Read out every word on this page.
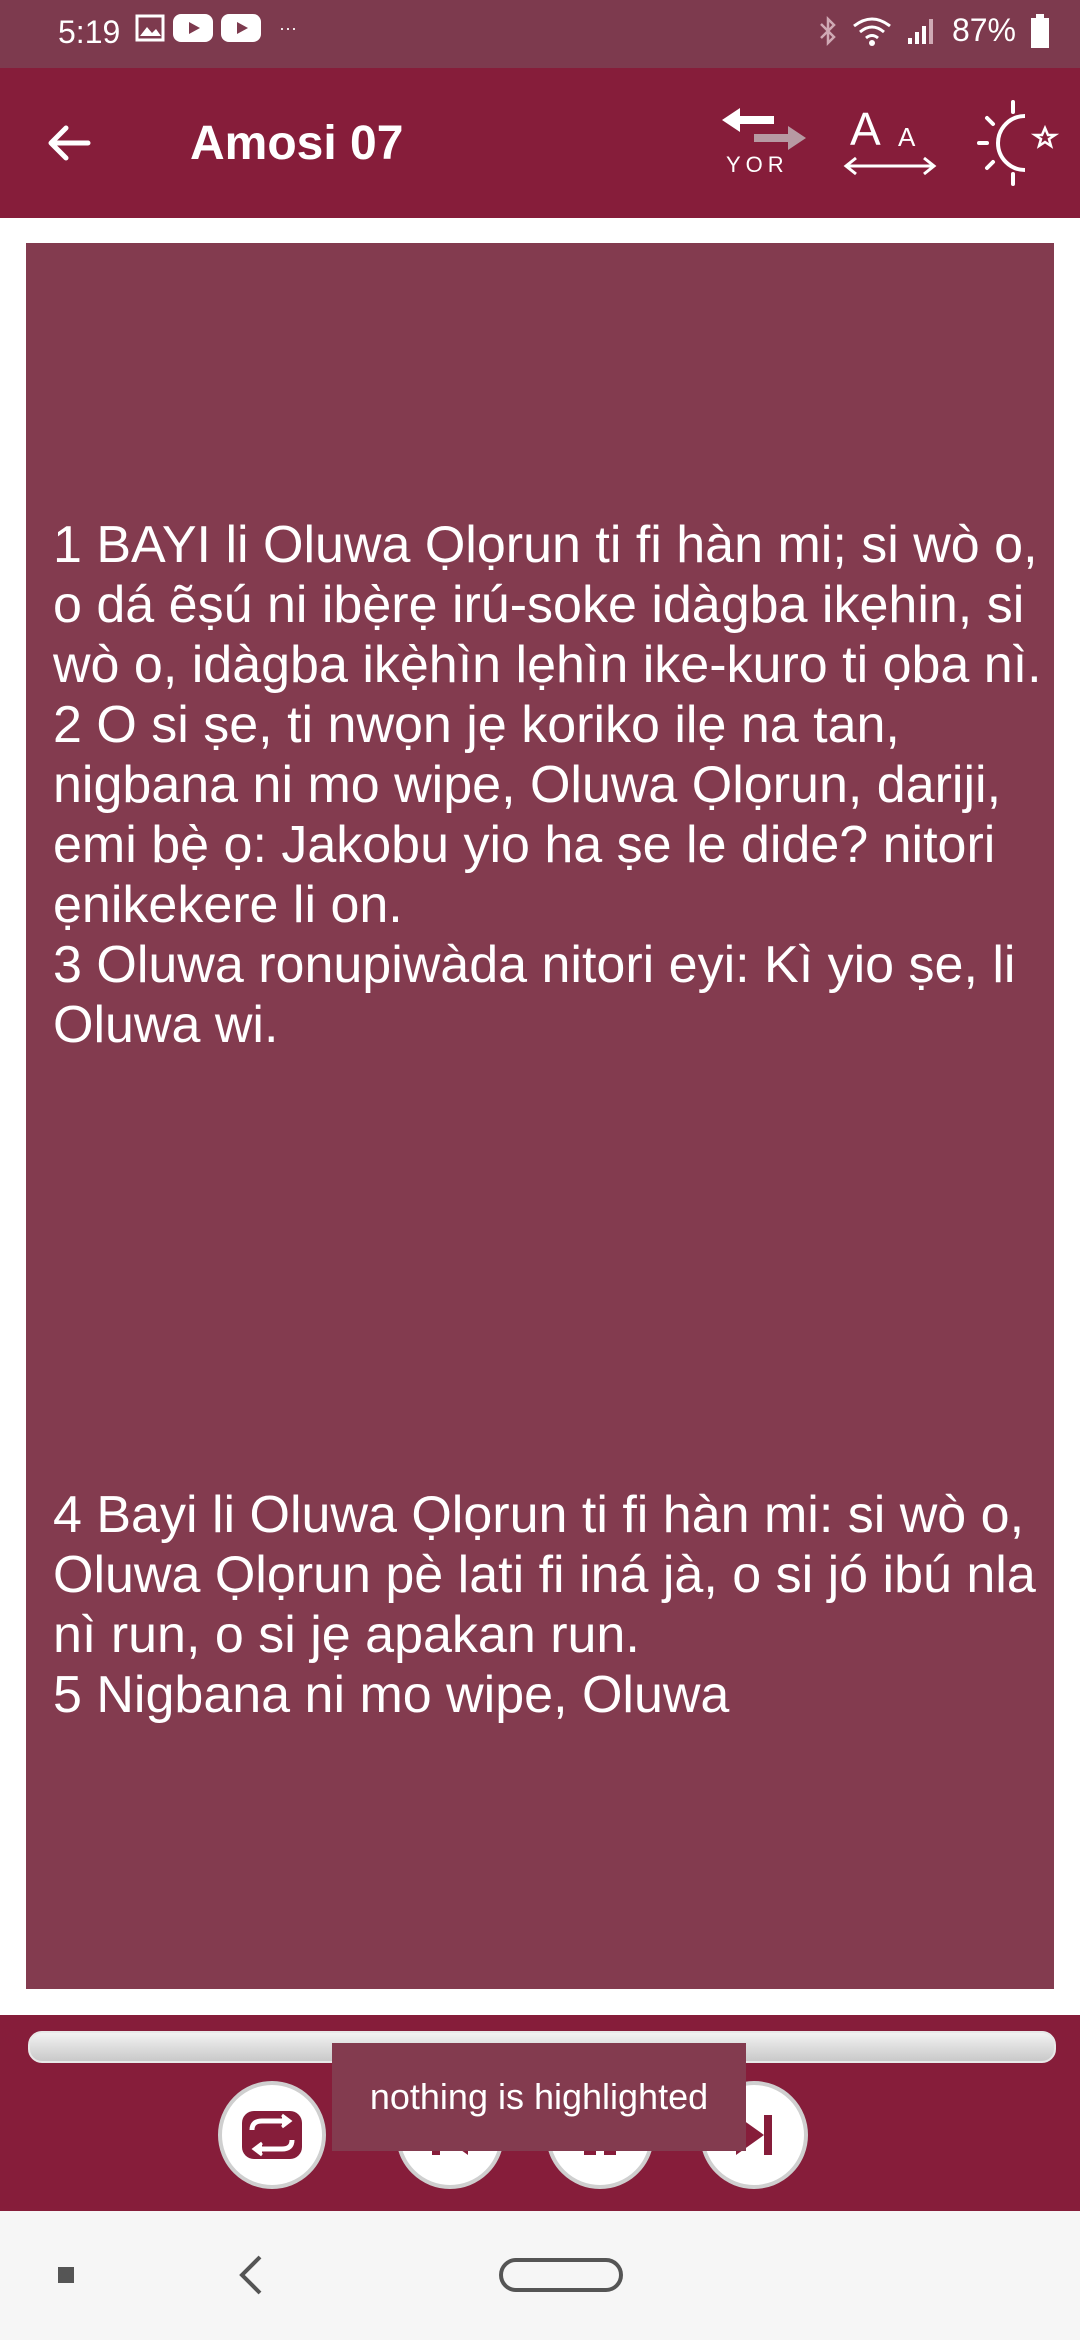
5:19	···	87%
Amosi 07	YOR
A A

1 BAYI li Oluwa Ọlọrun ti fi hàn mi; si wò o, o dá ẽṣú ni ibẹ̀rẹ irú-soke idàgba ikẹhin, si wò o, idàgba ikẹ̀hìn lẹhìn ike-kuro ti ọba nì.
2 O si ṣe, ti nwọn jẹ koriko ilẹ na tan, nigbana ni mo wipe, Oluwa Ọlọrun, dariji, emi bẹ̀ ọ: Jakobu yio ha ṣe le dide? nitori ẹnikekere li on.
3 Oluwa ronupiwàda nitori eyi: Kì yio ṣe, li Oluwa wi.

4 Bayi li Oluwa Ọlọrun ti fi hàn mi: si wò o, Oluwa Ọlọrun pè lati fi iná jà, o si jó ibú nla nì run, o si jẹ apakan run.
5 Nigbana ni mo wipe, Oluwa

nothing is highlighted
